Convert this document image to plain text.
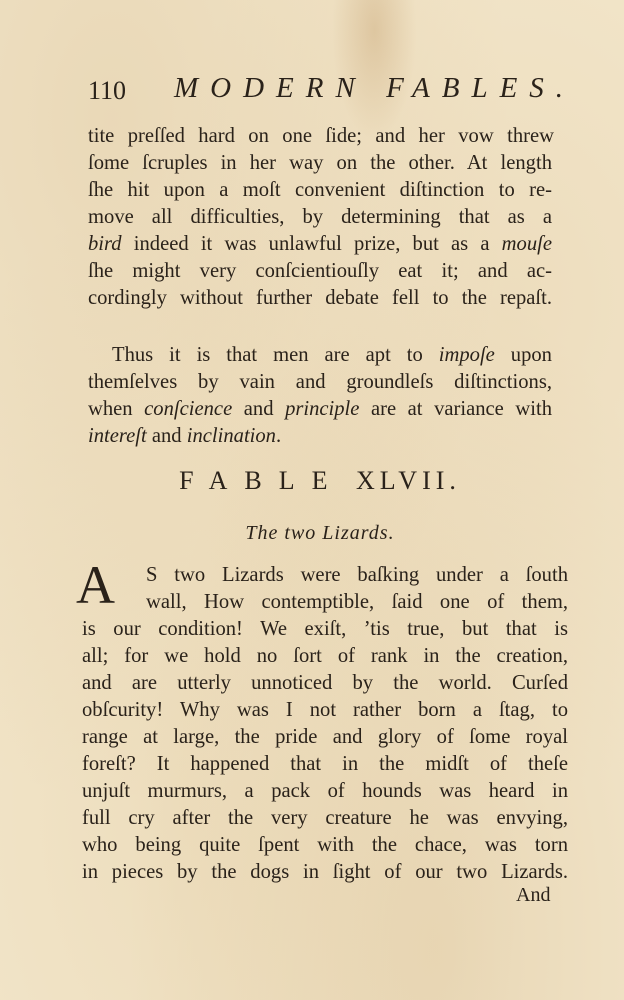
110 MODERN FABLES.
tite preſſed hard on one ſide; and her vow threw
ſome ſcruples in her way on the other. At length
ſhe hit upon a moſt convenient diſtinction to re-
move all difficulties, by determining that as a
bird indeed it was unlawful prize, but as a mouſe
ſhe might very conſcientiouſly eat it; and ac-
cordingly without further debate fell to the repaſt.
Thus it is that men are apt to impoſe upon
themſelves by vain and groundleſs diſtinctions,
when conſcience and principle are at variance with
intereſt and inclination.
FABLE XLVII.
The two Lizards.
A S two Lizards were baſking under a ſouth
wall, How contemptible, ſaid one of them,
is our condition! We exiſt, ’tis true, but that is
all; for we hold no ſort of rank in the creation,
and are utterly unnoticed by the world. Curſed
obſcurity! Why was I not rather born a ſtag, to
range at large, the pride and glory of ſome royal
foreſt? It happened that in the midſt of theſe
unjuſt murmurs, a pack of hounds was heard in
full cry after the very creature he was envying,
who being quite ſpent with the chace, was torn
in pieces by the dogs in ſight of our two Lizards.
And
